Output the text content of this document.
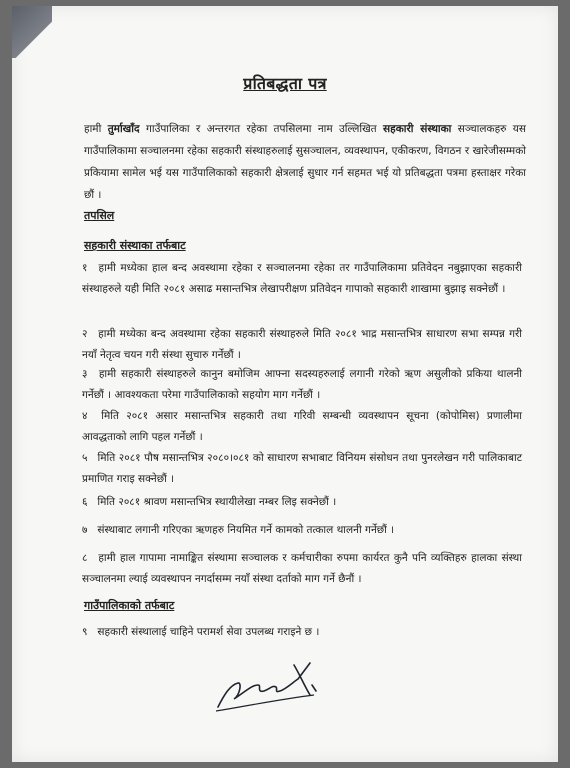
प्रतिबद्धता पत्र
हामी तुर्माखाँद गाउँपालिका र अन्तरगत रहेका तपसिलमा नाम उल्लिखित सहकारी संस्थाका सञ्चालकहरु यस गाउँपालिकामा सञ्चालनमा रहेका सहकारी संस्थाहरुलाई सुसञ्चालन, व्यवस्थापन, एकीकरण, विगठन र खारेजीसम्मको प्रकियामा सामेल भई यस गाउँपालिकाको सहकारी क्षेत्रलाई सुधार गर्न सहमत भई यो प्रतिबद्धता पत्रमा हस्ताक्षर गरेका छौं ।
तपसिल
सहकारी संस्थाका तर्फबाट
१ हामी मध्येका हाल बन्द अवस्थामा रहेका र सञ्चालनमा रहेका तर गाउँपालिकामा प्रतिवेदन नबुझाएका सहकारी संस्थाहरुले यही मिति २०८१ असाढ मसान्तभित्र लेखापरीक्षण प्रतिवेदन गापाको सहकारी शाखामा बुझाइ सक्नेछौं ।
२ हामी मध्येका बन्द अवस्थामा रहेका सहकारी संस्थाहरुले मिति २०८१ भाद्र मसान्तभित्र साधारण सभा सम्पन्न गरी नयाँ नेतृत्व चयन गरी संस्था सुचारु गर्नेछौं ।
३ हामी सहकारी संस्थाहरुले कानुन बमोजिम आफ्ना सदस्यहरुलाई लगानी गरेको ऋण असुलीको प्रकिया थालनी गर्नेछौं । आवश्यकता परेमा गाउँपालिकाको सहयोग माग गर्नेछौं ।
४ मिति २०८१ असार मसान्तभित्र सहकारी तथा गरिवी सम्बन्धी व्यवस्थापन सूचना (कोपोमिस) प्रणालीमा आवद्धताको लागि पहल गर्नेछौं ।
५ मिति २०८१ पौष मसान्तभित्र २०८०।०८१ को साधारण सभाबाट विनियम संसोधन तथा पुनरलेखन गरी पालिकाबाट प्रमाणित गराइ सक्नेछौं ।
६ मिति २०८१ श्रावण मसान्तभित्र स्थायीलेखा नम्बर लिइ सक्नेछौं ।
७ संस्थाबाट लगानी गरिएका ऋणहरु नियमित गर्ने कामको तत्काल थालनी गर्नेछौं ।
८ हामी हाल गापामा नामाङ्कित संस्थामा सञ्चालक र कर्मचारीका रुपमा कार्यरत कुनै पनि व्यक्तिहरु हालका संस्था सञ्चालनमा ल्याई व्यवस्थापन नगर्दासम्म नयाँ संस्था दर्ताको माग गर्ने छैनौं ।
गाउँपालिकाको तर्फबाट
९ सहकारी संस्थालाई चाहिने परामर्श सेवा उपलब्ध गराइने छ ।
